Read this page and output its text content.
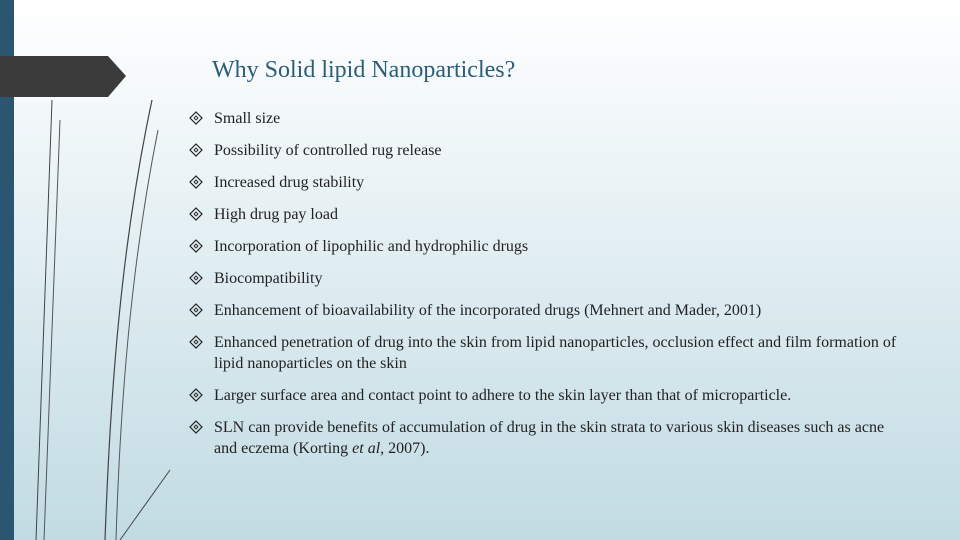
Why Solid lipid Nanoparticles?
Small size
Possibility of controlled rug release
Increased drug stability
High drug pay load
Incorporation of lipophilic and hydrophilic drugs
Biocompatibility
Enhancement of bioavailability of the incorporated drugs (Mehnert and Mader, 2001)
Enhanced penetration of drug into the skin from lipid nanoparticles, occlusion effect and film formation of lipid nanoparticles on the skin
Larger surface area and contact point to adhere to the skin layer than that of microparticle.
SLN can provide benefits of accumulation of drug in the skin strata to various skin diseases such as acne and eczema (Korting et al, 2007).
